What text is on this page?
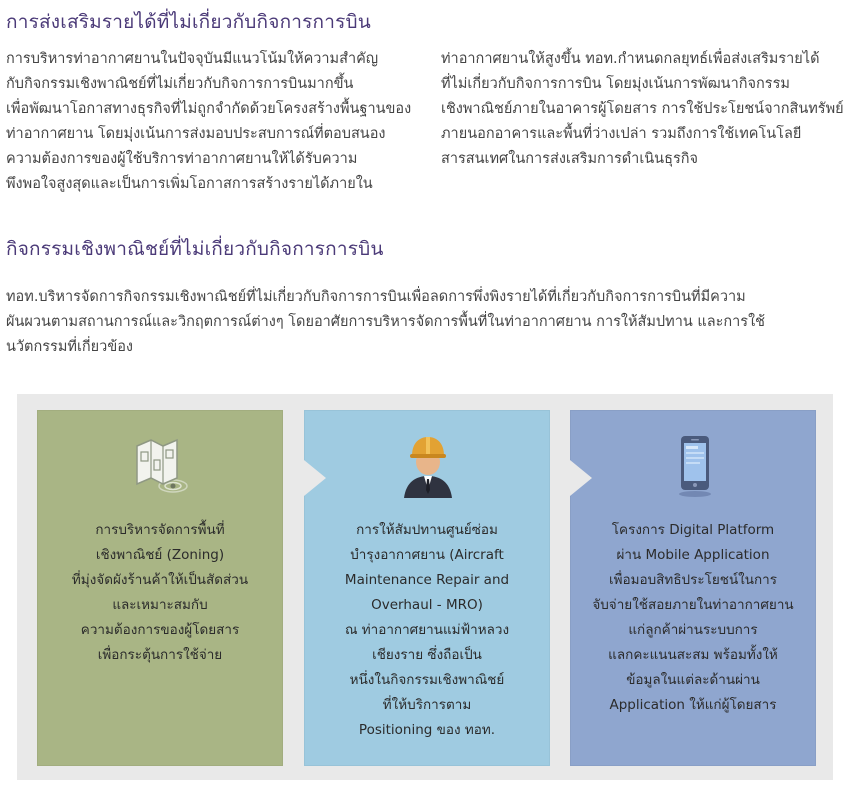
การส่งเสริมรายได้ที่ไม่เกี่ยวกับกิจการการบิน
การบริหารท่าอากาศยานในปัจจุบันมีแนวโน้มให้ความสำคัญ
กับกิจกรรมเชิงพาณิชย์ที่ไม่เกี่ยวกับกิจการการบินมากขึ้น
เพื่อพัฒนาโอกาสทางธุรกิจที่ไม่ถูกจำกัดด้วยโครงสร้างพื้นฐานของ
ท่าอากาศยาน โดยมุ่งเน้นการส่งมอบประสบการณ์ที่ตอบสนอง
ความต้องการของผู้ใช้บริการท่าอากาศยานให้ได้รับความ
พึงพอใจสูงสุดและเป็นการเพิ่มโอกาสการสร้างรายได้ภายใน
ท่าอากาศยานให้สูงขึ้น ทอท.กำหนดกลยุทธ์เพื่อส่งเสริมรายได้
ที่ไม่เกี่ยวกับกิจการการบิน โดยมุ่งเน้นการพัฒนากิจกรรม
เชิงพาณิชย์ภายในอาคารผู้โดยสาร การใช้ประโยชน์จากสินทรัพย์
ภายนอกอาคารและพื้นที่ว่างเปล่า รวมถึงการใช้เทคโนโลยี
สารสนเทศในการส่งเสริมการดำเนินธุรกิจ
กิจกรรมเชิงพาณิชย์ที่ไม่เกี่ยวกับกิจการการบิน
ทอท.บริหารจัดการกิจกรรมเชิงพาณิชย์ที่ไม่เกี่ยวกับกิจการการบินเพื่อลดการพึ่งพิงรายได้ที่เกี่ยวกับกิจการการบินที่มีความ
ผันผวนตามสถานการณ์และวิกฤตการณ์ต่างๆ โดยอาศัยการบริหารจัดการพื้นที่ในท่าอากาศยาน การให้สัมปทาน และการใช้
นวัตกรรมที่เกี่ยวข้อง
การบริหารจัดการพื้นที่
เชิงพาณิชย์ (Zoning)
ที่มุ่งจัดผังร้านค้าให้เป็นสัดส่วน
และเหมาะสมกับ
ความต้องการของผู้โดยสาร
เพื่อกระตุ้นการใช้จ่าย
การให้สัมปทานศูนย์ซ่อม
บำรุงอากาศยาน (Aircraft
Maintenance Repair and
Overhaul - MRO)
ณ ท่าอากาศยานแม่ฟ้าหลวง
เชียงราย ซึ่งถือเป็น
หนึ่งในกิจกรรมเชิงพาณิชย์
ที่ให้บริการตาม
Positioning ของ ทอท.
โครงการ Digital Platform
ผ่าน Mobile Application
เพื่อมอบสิทธิประโยชน์ในการ
จับจ่ายใช้สอยภายในท่าอากาศยาน
แก่ลูกค้าผ่านระบบการ
แลกคะแนนสะสม พร้อมทั้งให้
ข้อมูลในแต่ละด้านผ่าน
Application ให้แก่ผู้โดยสาร
